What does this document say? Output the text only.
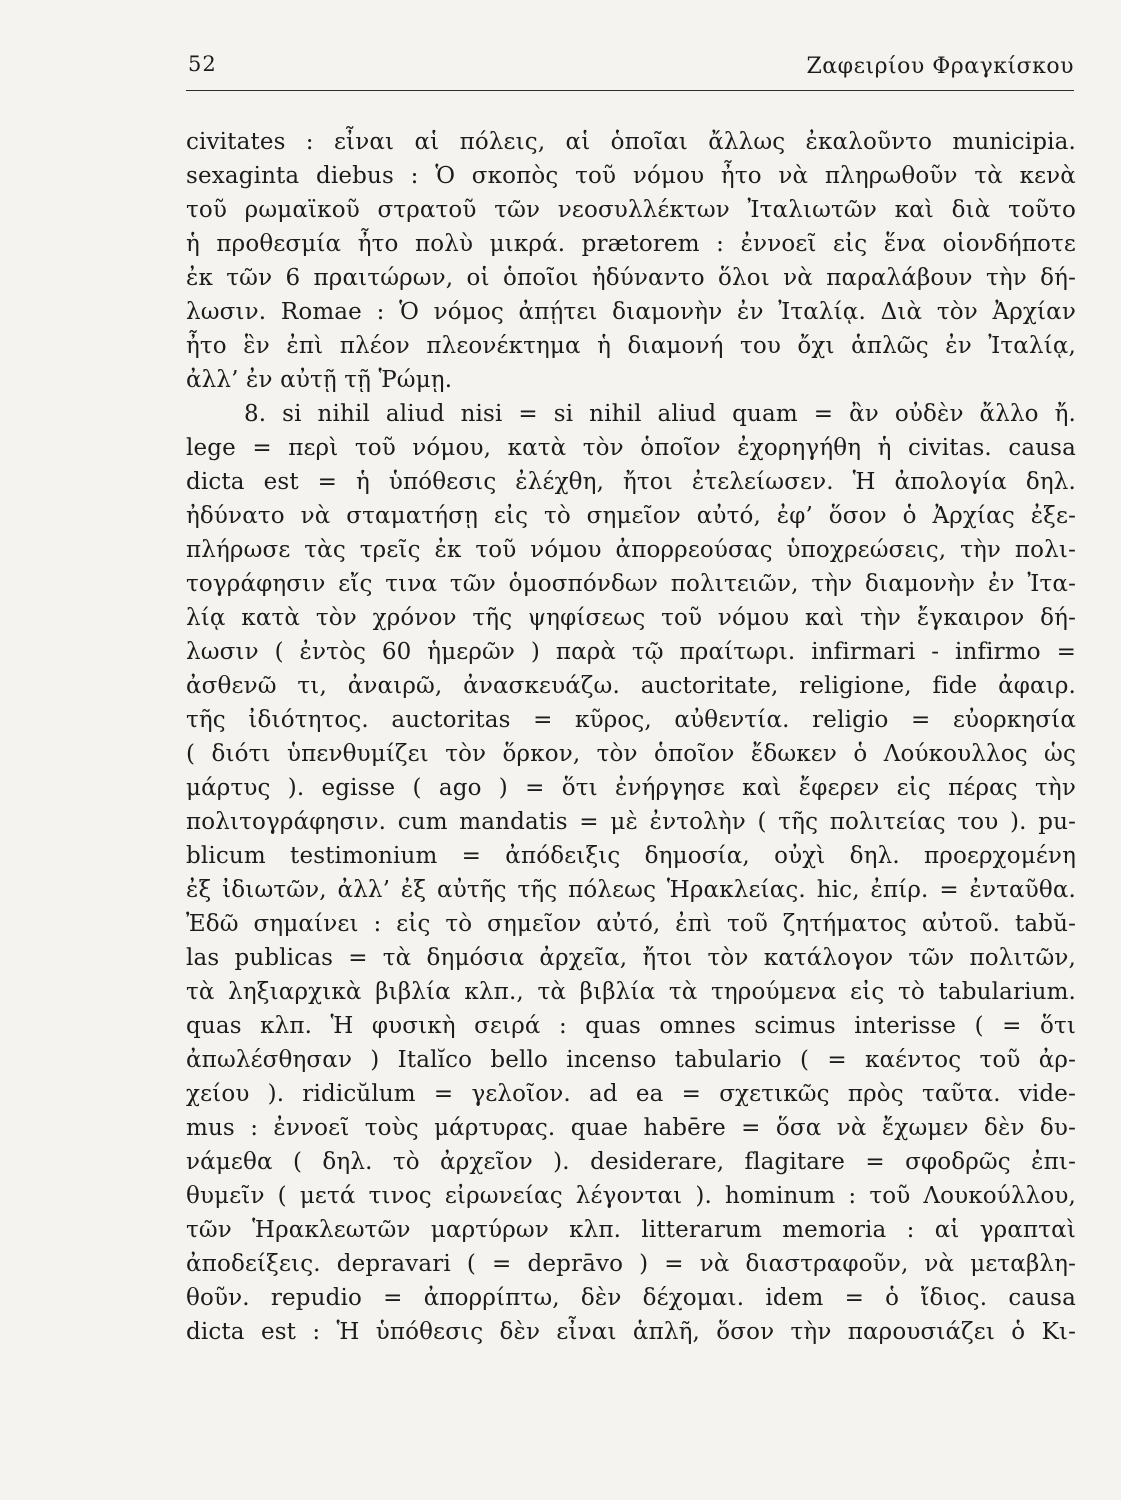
52	Ζαφειρίου Φραγκίσκου
civitates : εἶναι αἱ πόλεις, αἱ ὁποῖαι ἄλλως ἐκαλοῦντο municipia.
sexaginta diebus : Ὁ σκοπὸς τοῦ νόμου ἦτο νὰ πληρωθοῦν τὰ κενὰ
τοῦ ρωμαϊκοῦ στρατοῦ τῶν νεοσυλλέκτων Ἰταλιωτῶν καὶ διὰ τοῦτο
ἡ προθεσμία ἦτο πολὺ μικρά. prætorem : ἐννοεῖ εἰς ἕνα οἱονδήποτε
ἐκ τῶν 6 πραιτώρων, οἱ ὁποῖοι ἠδύναντο ὅλοι νὰ παραλάβουν τὴν δή-
λωσιν. Romae : Ὁ νόμος ἀπῄτει διαμονὴν ἐν Ἰταλίᾳ. Διὰ τὸν Ἀρχίαν
ἦτο ἓν ἐπὶ πλέον πλεονέκτημα ἡ διαμονή του ὄχι ἁπλῶς ἐν Ἰταλίᾳ,
ἀλλ’ ἐν αὐτῇ τῇ Ῥώμῃ.
8. si nihil aliud nisi = si nihil aliud quam = ἂν οὐδὲν ἄλλο ἤ.
lege = περὶ τοῦ νόμου, κατὰ τὸν ὁποῖον ἐχορηγήθη ἡ civitas. causa
dicta est = ἡ ὑπόθεσις ἐλέχθη, ἤτοι ἐτελείωσεν. Ἡ ἀπολογία δηλ.
ἠδύνατο νὰ σταματήσῃ εἰς τὸ σημεῖον αὐτό, ἐφ’ ὅσον ὁ Ἀρχίας ἐξε-
πλήρωσε τὰς τρεῖς ἐκ τοῦ νόμου ἀπορρεούσας ὑποχρεώσεις, τὴν πολι-
τογράφησιν εἴς τινα τῶν ὁμοσπόνδων πολιτειῶν, τὴν διαμονὴν ἐν Ἰτα-
λίᾳ κατὰ τὸν χρόνον τῆς ψηφίσεως τοῦ νόμου καὶ τὴν ἔγκαιρον δή-
λωσιν ( ἐντὸς 60 ἡμερῶν ) παρὰ τῷ πραίτωρι. infirmari - infirmo =
ἀσθενῶ τι, ἀναιρῶ, ἀνασκευάζω. auctoritate, religione, fide ἀφαιρ.
τῆς ἰδιότητος. auctoritas = κῦρος, αὐθεντία. religio = εὐορκησία
( διότι ὑπενθυμίζει τὸν ὅρκον, τὸν ὁποῖον ἔδωκεν ὁ Λούκουλλος ὡς
μάρτυς ). egisse ( ago ) = ὅτι ἐνήργησε καὶ ἔφερεν εἰς πέρας τὴν
πολιτογράφησιν. cum mandatis = μὲ ἐντολὴν ( τῆς πολιτείας του ). pu-
blicum testimonium = ἀπόδειξις δημοσία, οὐχὶ δηλ. προερχομένη
ἐξ ἰδιωτῶν, ἀλλ’ ἐξ αὐτῆς τῆς πόλεως Ἡρακλείας. hic, ἐπίρ. = ἐνταῦθα.
Ἐδῶ σημαίνει : εἰς τὸ σημεῖον αὐτό, ἐπὶ τοῦ ζητήματος αὐτοῦ. tabŭ-
las publicas = τὰ δημόσια ἀρχεῖα, ἤτοι τὸν κατάλογον τῶν πολιτῶν,
τὰ ληξιαρχικὰ βιβλία κλπ., τὰ βιβλία τὰ τηρούμενα εἰς τὸ tabularium.
quas κλπ. Ἡ φυσικὴ σειρά : quas omnes scimus interisse ( = ὅτι
ἀπωλέσθησαν ) Italĭco bello incenso tabulario ( = καέντος τοῦ ἀρ-
χείου ). ridicŭlum = γελοῖον. ad ea = σχετικῶς πρὸς ταῦτα. vide-
mus : ἐννοεῖ τοὺς μάρτυρας. quae habēre = ὅσα νὰ ἔχωμεν δὲν δυ-
νάμεθα ( δηλ. τὸ ἀρχεῖον ). desiderare, flagitare = σφοδρῶς ἐπι-
θυμεῖν ( μετά τινος εἰρωνείας λέγονται ). hominum : τοῦ Λουκούλλου,
τῶν Ἡρακλεωτῶν μαρτύρων κλπ. litterarum memoria : αἱ γραπταὶ
ἀποδείξεις. depravari ( = deprāvo ) = νὰ διαστραφοῦν, νὰ μεταβλη-
θοῦν. repudio = ἀπορρίπτω, δὲν δέχομαι. idem = ὁ ἴδιος. causa
dicta est : Ἡ ὑπόθεσις δὲν εἶναι ἁπλῆ, ὅσον τὴν παρουσιάζει ὁ Κι-
